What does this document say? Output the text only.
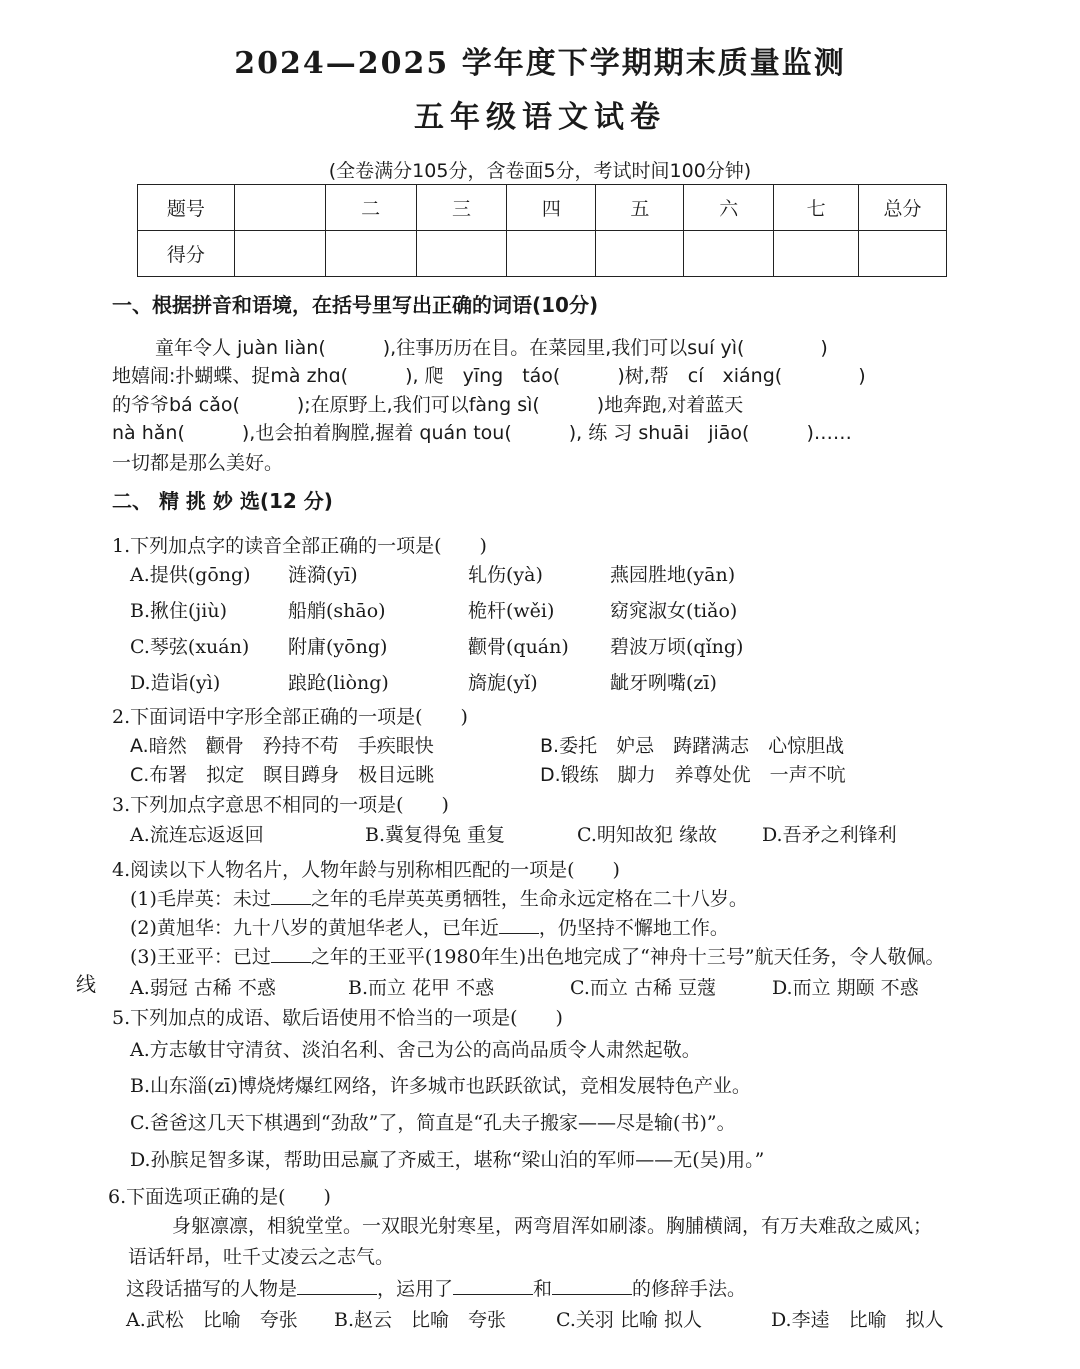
2024—2025 学年度下学期期末质量监测
五年级语文试卷
(全卷满分105分，含卷面5分，考试时间100分钟)
题号		二	三	四	五	六	七	总分
得分								
一、根据拼音和语境，在括号里写出正确的词语(10分)
童年令人 juàn liàn(　　　),往事历历在目。在菜园里,我们可以suí yì(　　　　)
地嬉闹:扑蝴蝶、捉mà zhɑ(　　　), 爬　yīng　táo(　　　)树,帮　cí　xiáng(　　　　)
的爷爷bá cǎo(　　　);在原野上,我们可以fàng sì(　　　)地奔跑,对着蓝天
nà hǎn(　　　),也会拍着胸膛,握着 quán tou(　　　), 练 习 shuāi　jiāo(　　　)……
一切都是那么美好。
二、 精 挑 妙 选(12 分)
1.下列加点字的读音全部正确的一项是(　　)
A.提供(gōng) 涟漪(yī)	轧伤(yà)	燕园胜地(yān)
B.揪住(jiù)	船艄(shāo)	桅杆(wěi)	窈窕淑女(tiǎo)
C.琴弦(xuán) 附庸(yōng)	颧骨(quán) 碧波万顷(qǐng)
D.造诣(yì)	踉跄(liòng)	旖旎(yǐ)	龇牙咧嘴(zī)
2.下面词语中字形全部正确的一项是(　　)
A.暗然　颧骨　矜持不苟　手疾眼快	B.委托　妒忌　踌躇满志　心惊胆战
C.布署　拟定　瞑目蹲身　极目远眺	D.锻练　脚力　养尊处优　一声不吭
3.下列加点字意思不相同的一项是(　　)
A.流连忘返返回	B.冀复得兔 重复	C.明知故犯 缘故 D.吾矛之利锋利
4.阅读以下人物名片，人物年龄与别称相匹配的一项是(　　)
(1)毛岸英：未过 之年的毛岸英英勇牺牲，生命永远定格在二十八岁。
(2)黄旭华：九十八岁的黄旭华老人，已年近 ，仍坚持不懈地工作。
(3)王亚平：已过 之年的王亚平(1980年生)出色地完成了“神舟十三号”航天任务，令人敬佩。
线 A.弱冠 古稀 不惑	B.而立 花甲 不惑	C.而立 古稀 豆蔻	D.而立 期颐 不惑
5.下列加点的成语、歇后语使用不恰当的一项是(　　)
A.方志敏甘守清贫、淡泊名利、舍己为公的高尚品质令人肃然起敬。
B.山东淄(zī)博烧烤爆红网络，许多城市也跃跃欲试，竞相发展特色产业。
C.爸爸这几天下棋遇到“劲敌”了，简直是“孔夫子搬家——尽是输(书)”。
D.孙膑足智多谋，帮助田忌赢了齐威王，堪称“梁山泊的军师——无(吴)用。”
6.下面选项正确的是(　　)
身躯凛凛，相貌堂堂。一双眼光射寒星，两弯眉浑如刷漆。胸脯横阔，有万夫难敌之威风；
语话轩昂，吐千丈凌云之志气。
这段话描写的人物是	，运用了	和	的修辞手法。
A.武松　比喻　夸张 B.赵云　比喻　夸张	C.关羽 比喻 拟人	D.李逵　比喻　拟人
